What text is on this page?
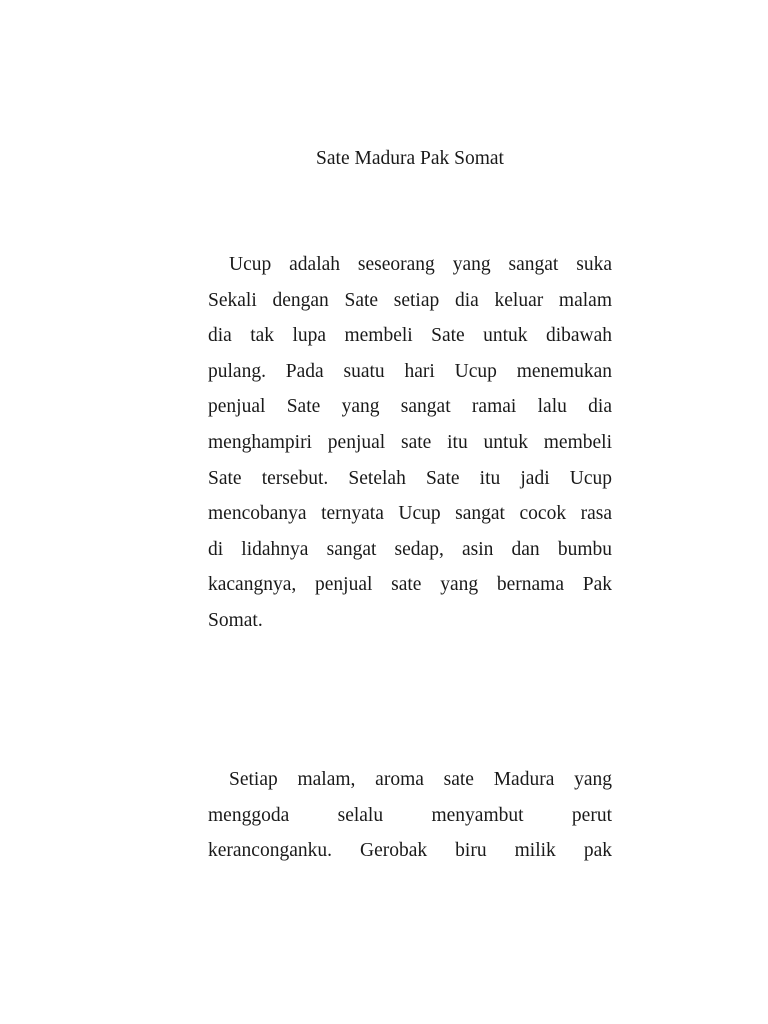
Sate Madura Pak Somat
Ucup adalah seseorang yang sangat suka
Sekali dengan Sate setiap dia keluar malam
dia tak lupa membeli Sate untuk dibawah
pulang. Pada suatu hari Ucup menemukan
penjual Sate yang sangat ramai lalu dia
menghampiri penjual sate itu untuk membeli
Sate tersebut. Setelah Sate itu jadi Ucup
mencobanya ternyata Ucup sangat cocok rasa
di lidahnya sangat sedap, asin dan bumbu
kacangnya, penjual sate yang bernama Pak
Somat.
Setiap malam, aroma sate Madura yang
menggoda selalu menyambut perut
keranconganku. Gerobak biru milik pak
